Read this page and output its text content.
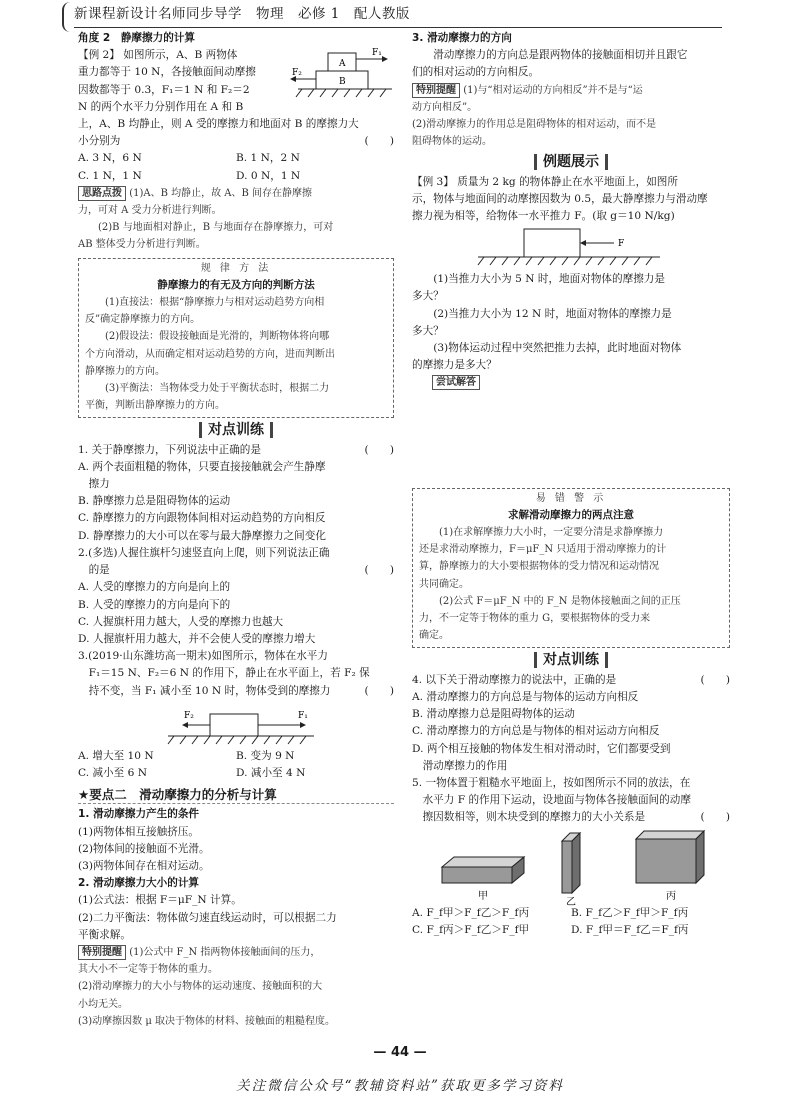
新课程新设计名师同步导学　物理　必修 1　配人教版
角度 2　静摩擦力的计算
【例 2】 如图所示，A、B 两物体
重力都等于 10 N，各接触面间动摩擦
因数都等于 0.3，F₁＝1 N 和 F₂＝2
N 的两个水平力分别作用在 A 和 B
A
B
F₁
F₂
上，A、B 均静止，则 A 受的摩擦力和地面对 B 的摩擦力大
小分别为	(　　)
A. 3 N，6 N	B. 1 N，2 N
C. 1 N，1 N	D. 0 N，1 N
思路点拨 (1)A、B 均静止，故 A、B 间存在静摩擦
力，可对 A 受力分析进行判断。
(2)B 与地面相对静止，B 与地面存在静摩擦力，可对
AB 整体受力分析进行判断。
规 律 方 法
静摩擦力的有无及方向的判断方法
(1)直接法：根据“静摩擦力与相对运动趋势方向相
反”确定静摩擦力的方向。
(2)假设法：假设接触面是光滑的，判断物体将向哪
个方向滑动，从而确定相对运动趋势的方向，进而判断出
静摩擦力的方向。
(3)平衡法：当物体受力处于平衡状态时，根据二力
平衡，判断出静摩擦力的方向。
对点训练
1. 关于静摩擦力，下列说法中正确的是	(　　)
A. 两个表面粗糙的物体，只要直接接触就会产生静摩
　擦力
B. 静摩擦力总是阻碍物体的运动
C. 静摩擦力的方向跟物体间相对运动趋势的方向相反
D. 静摩擦力的大小可以在零与最大静摩擦力之间变化
2.(多选)人握住旗杆匀速竖直向上爬，则下列说法正确
　的是	(　　)
A. 人受的摩擦力的方向是向上的
B. 人受的摩擦力的方向是向下的
C. 人握旗杆用力越大，人受的摩擦力也越大
D. 人握旗杆用力越大，并不会使人受的摩擦力增大
3.(2019·山东潍坊高一期末)如图所示，物体在水平力
　F₁＝15 N、F₂＝6 N 的作用下，静止在水平面上，若 F₂ 保
　持不变，当 F₁ 减小至 10 N 时，物体受到的摩擦力	(　　)
F₂	F₁
A. 增大至 10 N	B. 变为 9 N
C. 减小至 6 N	D. 减小至 4 N
★要点二　滑动摩擦力的分析与计算
1. 滑动摩擦力产生的条件
(1)两物体相互接触挤压。
(2)物体间的接触面不光滑。
(3)两物体间存在相对运动。
2. 滑动摩擦力大小的计算
(1)公式法：根据 F＝μF_N 计算。
(2)二力平衡法：物体做匀速直线运动时，可以根据二力
平衡求解。
特别提醒 (1)公式中 F_N 指两物体接触面间的压力，
其大小不一定等于物体的重力。
(2)滑动摩擦力的大小与物体的运动速度、接触面积的大
小均无关。
(3)动摩擦因数 μ 取决于物体的材料、接触面的粗糙程度。
3. 滑动摩擦力的方向
滑动摩擦力的方向总是跟两物体的接触面相切并且跟它
们的相对运动的方向相反。
特别提醒 (1)与“相对运动的方向相反”并不是与“运
动方向相反”。
(2)滑动摩擦力的作用总是阻碍物体的相对运动，而不是
阻碍物体的运动。
例题展示
【例 3】 质量为 2 kg 的物体静止在水平地面上，如图所
示，物体与地面间的动摩擦因数为 0.5，最大静摩擦力与滑动摩
擦力视为相等，给物体一水平推力 F。(取 g＝10 N/kg)
F
(1)当推力大小为 5 N 时，地面对物体的摩擦力是
多大？
(2)当推力大小为 12 N 时，地面对物体的摩擦力是
多大？
(3)物体运动过程中突然把推力去掉，此时地面对物体
的摩擦力是多大？
尝试解答
易 错 警 示
求解滑动摩擦力的两点注意
(1)在求解摩擦力大小时，一定要分清是求静摩擦力
还是求滑动摩擦力，F＝μF_N 只适用于滑动摩擦力的计
算，静摩擦力的大小要根据物体的受力情况和运动情况
共同确定。
(2)公式 F＝μF_N 中的 F_N 是物体接触面之间的正压
力，不一定等于物体的重力 G，要根据物体的受力来
确定。
对点训练
4. 以下关于滑动摩擦力的说法中，正确的是	(　　)
A. 滑动摩擦力的方向总是与物体的运动方向相反
B. 滑动摩擦力总是阻碍物体的运动
C. 滑动摩擦力的方向总是与物体的相对运动方向相反
D. 两个相互接触的物体发生相对滑动时，它们都要受到
　滑动摩擦力的作用
5. 一物体置于粗糙水平地面上，按如图所示不同的放法，在
　水平力 F 的作用下运动，设地面与物体各接触面间的动摩
　擦因数相等，则木块受到的摩擦力的大小关系是	(　　)
甲
乙
丙
A. F_f甲＞F_f乙＞F_f丙	B. F_f乙＞F_f甲＞F_f丙
C. F_f丙＞F_f乙＞F_f甲	D. F_f甲＝F_f乙＝F_f丙
— 44 —
关注微信公众号“教辅资料站”获取更多学习资料
